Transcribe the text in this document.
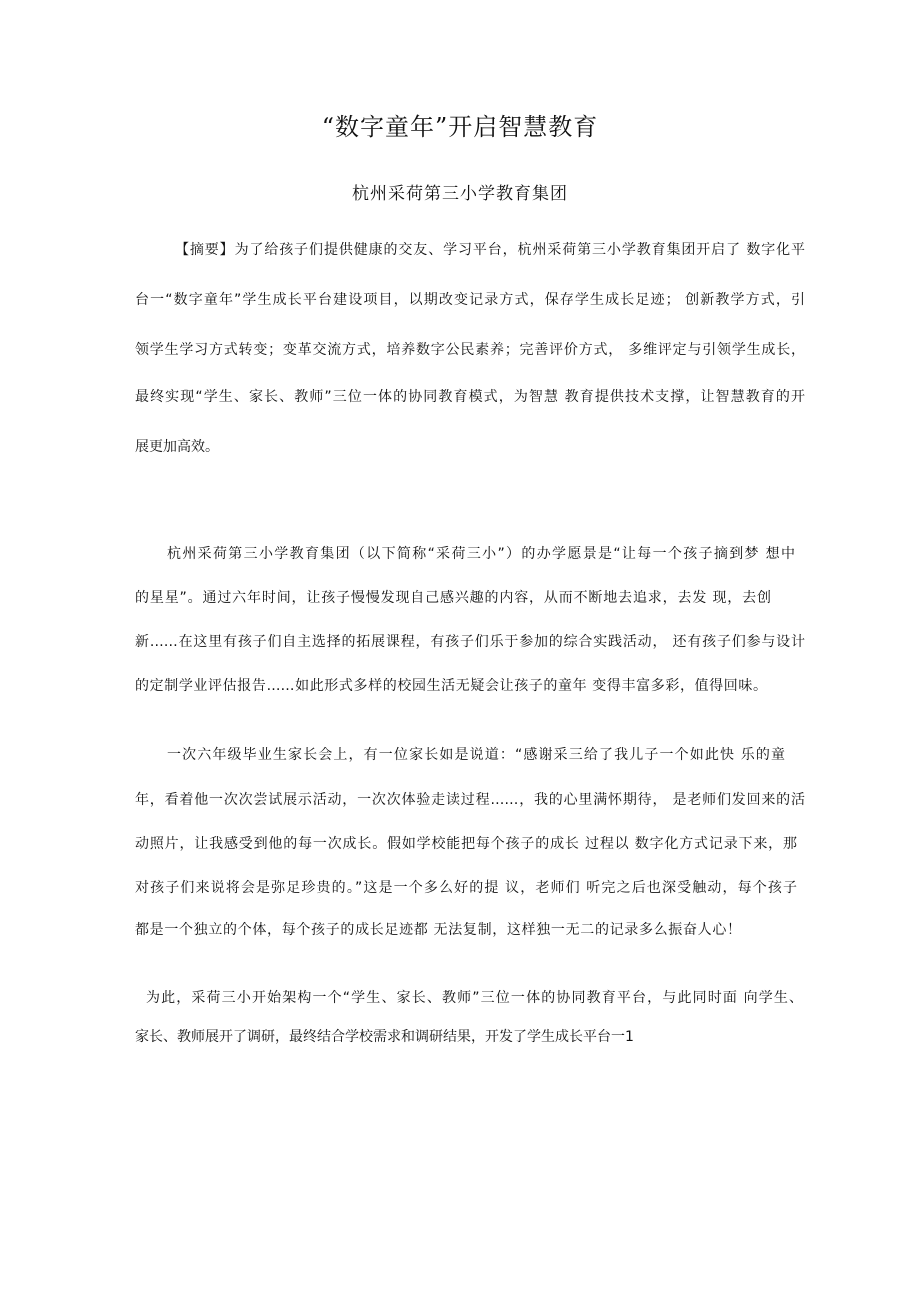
“数字童年”开启智慧教育
杭州采荷第三小学教育集团
【摘要】为了给孩子们提供健康的交友、学习平台，杭州采荷第三小学教育集团开启了 数字化平
台一“数字童年”学生成长平台建设项目，以期改变记录方式，保存学生成长足迹； 创新教学方式，引
领学生学习方式转变；变革交流方式，培养数字公民素养；完善评价方式， 多维评定与引领学生成长，
最终实现“学生、家长、教师”三位一体的协同教育模式，为智慧 教育提供技术支撑，让智慧教育的开
展更加高效。
杭州采荷第三小学教育集团（以下简称“采荷三小”）的办学愿景是“让每一个孩子摘到梦 想中
的星星”。通过六年时间，让孩子慢慢发现自己感兴趣的内容，从而不断地去追求，去发 现，去创
新……在这里有孩子们自主选择的拓展课程，有孩子们乐于参加的综合实践活动， 还有孩子们参与设计
的定制学业评估报告……如此形式多样的校园生活无疑会让孩子的童年 变得丰富多彩，值得回味。
一次六年级毕业生家长会上，有一位家长如是说道：“感谢采三给了我儿子一个如此快 乐的童
年，看着他一次次尝试展示活动，一次次体验走读过程……，我的心里满怀期待， 是老师们发回来的活
动照片，让我感受到他的每一次成长。假如学校能把每个孩子的成长 过程以 数字化方式记录下来，那
对孩子们来说将会是弥足珍贵的。”这是一个多么好的提 议，老师们 听完之后也深受触动，每个孩子
都是一个独立的个体，每个孩子的成长足迹都 无法复制，这样独一无二的记录多么振奋人心！
为此，采荷三小开始架构一个“学生、家长、教师”三位一体的协同教育平台，与此同时面 向学生、
家长、教师展开了调研，最终结合学校需求和调研结果，开发了学生成长平台一1
